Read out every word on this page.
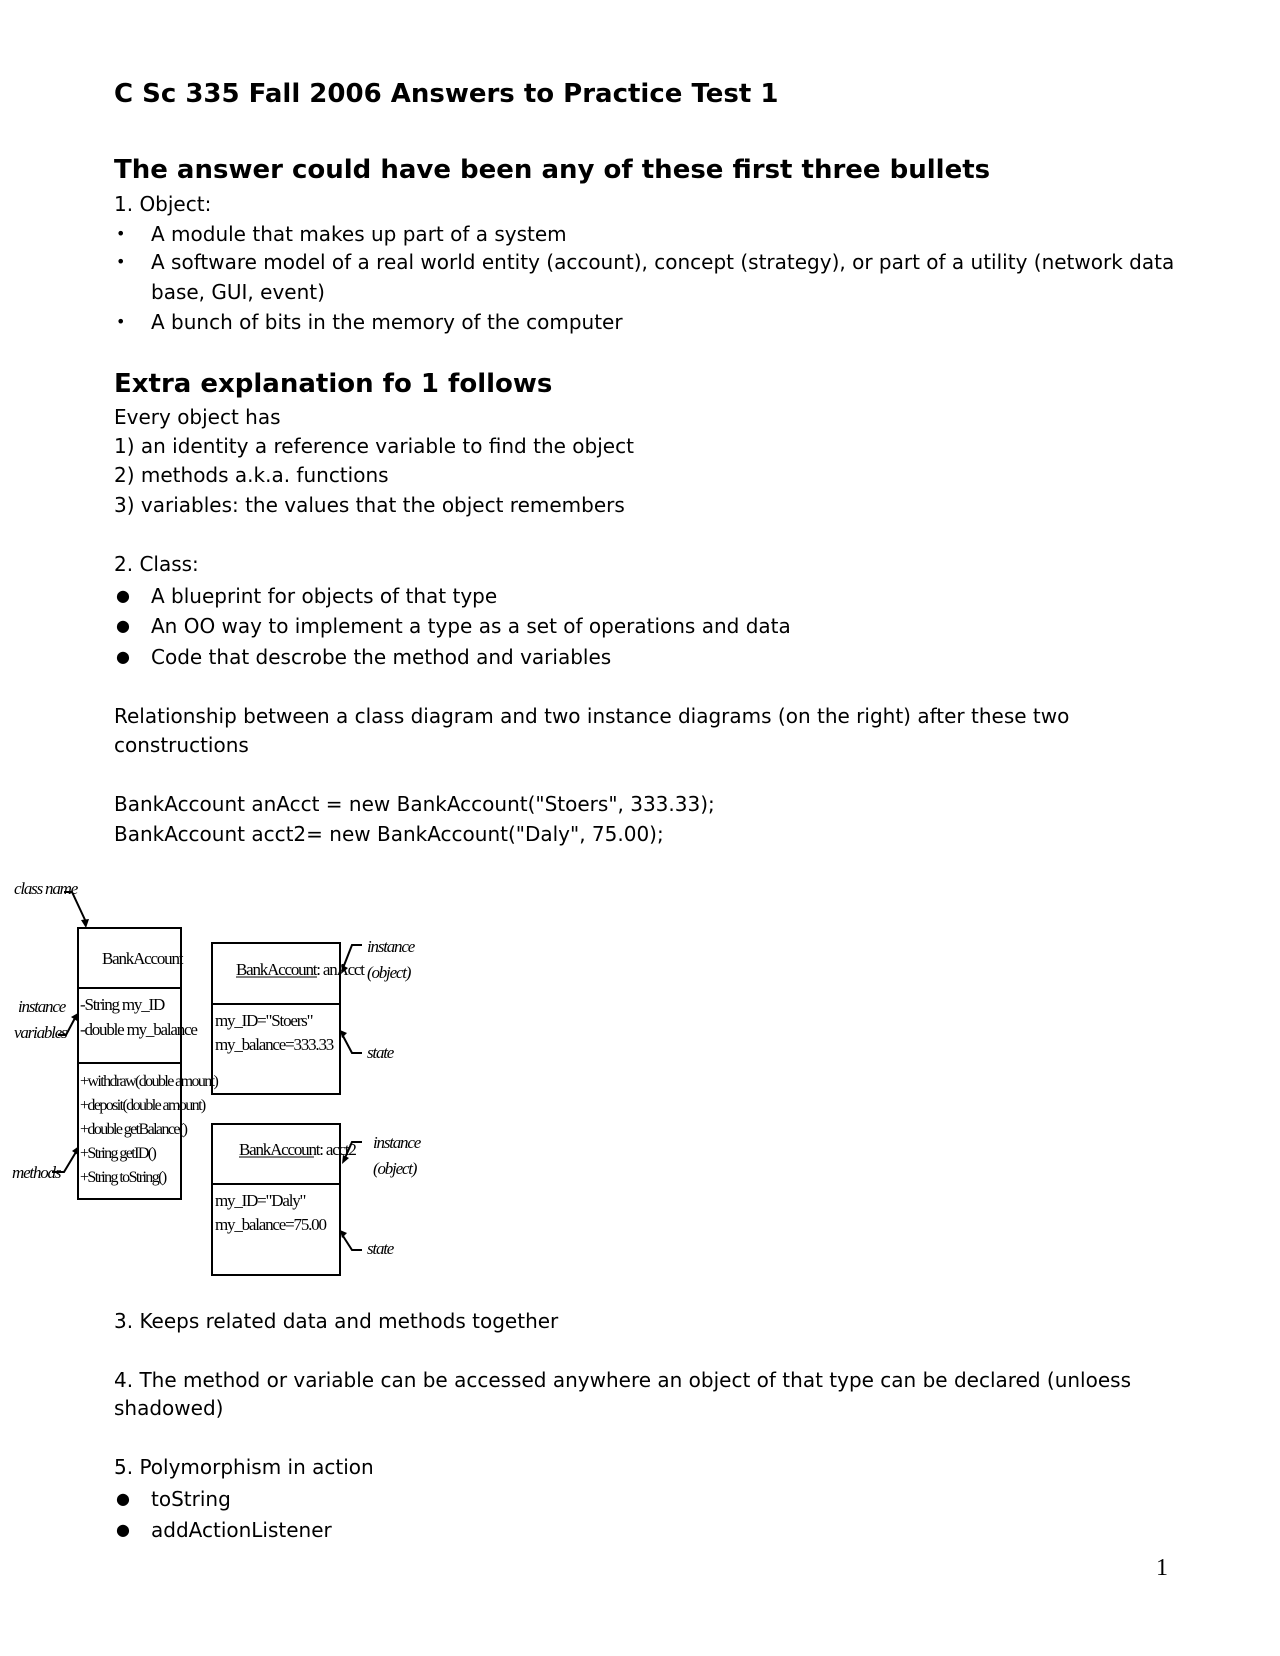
C Sc 335 Fall 2006 Answers to Practice Test 1
The answer could have been any of these first three bullets
1. Object:
• A module that makes up part of a system
• A software model of a real world entity (account), concept (strategy), or part of a utility (network data
base, GUI, event)
• A bunch of bits in the memory of the computer
Extra explanation fo 1 follows
Every object has
1) an identity a reference variable to find the object
2) methods a.k.a. functions
3) variables: the values that the object remembers
2. Class:
● A blueprint for objects of that type
● An OO way to implement a type as a set of operations and data
● Code that descrobe the method and variables
Relationship between a class diagram and two instance diagrams (on the right) after these two
constructions
BankAccount anAcct = new BankAccount("Stoers", 333.33);
BankAccount acct2= new BankAccount("Daly", 75.00);
class name
instance
variables
methods
BankAccount
-String my_ID
-double my_balance
+withdraw(double amount)
+deposit(double amount)
+double getBalance()
+String getID()
+String toString()
BankAccount: anAcct
my_ID="Stoers"
my_balance=333.33
BankAccount: acct2
my_ID="Daly"
my_balance=75.00
instance
(object)
state
instance
(object)
state
3. Keeps related data and methods together
4. The method or variable can be accessed anywhere an object of that type can be declared (unloess
shadowed)
5. Polymorphism in action
● toString
● addActionListener
1
